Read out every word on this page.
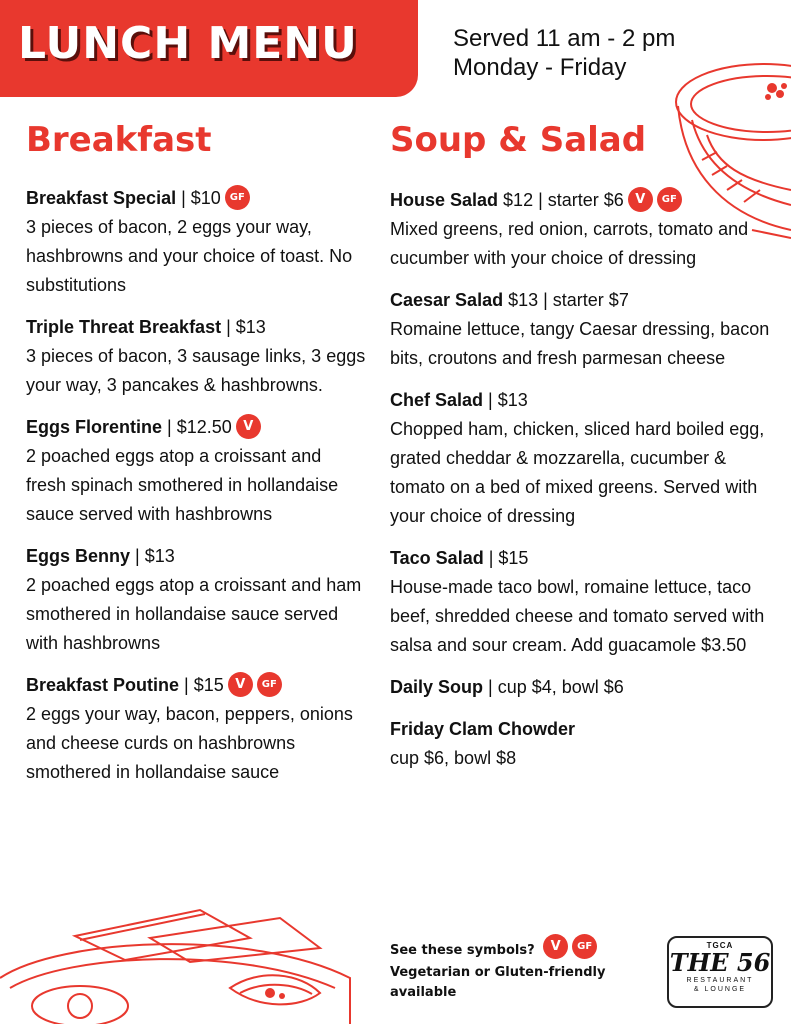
LUNCH MENU	Served 11 am - 2 pm
Monday - Friday
Breakfast	Soup & Salad
Breakfast Special | $10 GF
3 pieces of bacon, 2 eggs your way, hashbrowns and your choice of toast. No substitutions
Triple Threat Breakfast | $13
3 pieces of bacon, 3 sausage links, 3 eggs your way, 3 pancakes & hashbrowns.
Eggs Florentine | $12.50 V
2 poached eggs atop a croissant and fresh spinach smothered in hollandaise sauce served with hashbrowns
Eggs Benny | $13
2 poached eggs atop a croissant and ham smothered in hollandaise sauce served with hashbrowns
Breakfast Poutine | $15 V GF
2 eggs your way, bacon, peppers, onions and cheese curds on hashbrowns smothered in hollandaise sauce
House Salad $12 | starter $6 V GF
Mixed greens, red onion, carrots, tomato and cucumber with your choice of dressing
Caesar Salad $13 | starter $7
Romaine lettuce, tangy Caesar dressing, bacon bits, croutons and fresh parmesan cheese
Chef Salad | $13
Chopped ham, chicken, sliced hard boiled egg, grated cheddar & mozzarella, cucumber & tomato on a bed of mixed greens. Served with your choice of dressing
Taco Salad | $15
House-made taco bowl, romaine lettuce, taco beef, shredded cheese and tomato served with salsa and sour cream. Add guacamole $3.50
Daily Soup | cup $4, bowl $6
Friday Clam Chowder
cup $6, bowl $8
See these symbols? V GF
Vegetarian or Gluten-friendly available
TGCA
THE 56
RESTAURANT
& LOUNGE
